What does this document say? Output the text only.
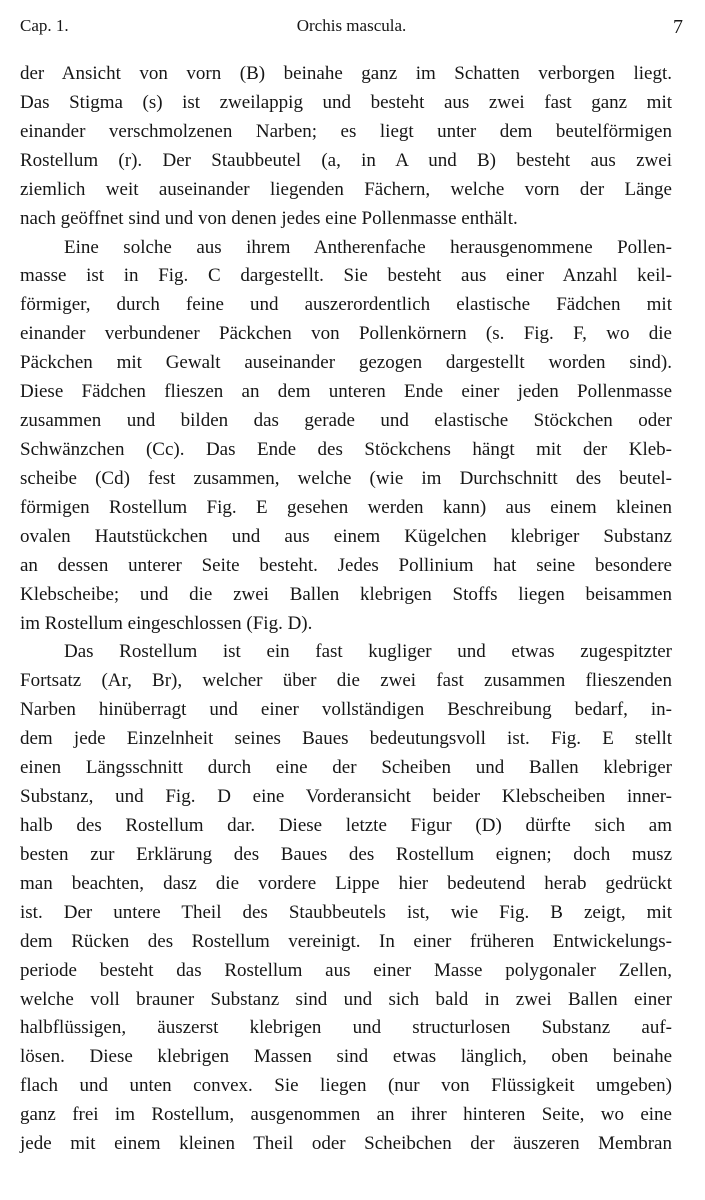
Cap. 1.	Orchis mascula.	7
der Ansicht von vorn (B) beinahe ganz im Schatten verborgen liegt.
Das Stigma (s) ist zweilappig und besteht aus zwei fast ganz mit
einander verschmolzenen Narben; es liegt unter dem beutelförmigen
Rostellum (r). Der Staubbeutel (a, in A und B) besteht aus zwei
ziemlich weit auseinander liegenden Fächern, welche vorn der Länge
nach geöffnet sind und von denen jedes eine Pollenmasse enthält.
Eine solche aus ihrem Antherenfache herausgenommene Pollen-
masse ist in Fig. C dargestellt. Sie besteht aus einer Anzahl keil-
förmiger, durch feine und auszerordentlich elastische Fädchen mit
einander verbundener Päckchen von Pollenkörnern (s. Fig. F, wo die
Päckchen mit Gewalt auseinander gezogen dargestellt worden sind).
Diese Fädchen flieszen an dem unteren Ende einer jeden Pollenmasse
zusammen und bilden das gerade und elastische Stöckchen oder
Schwänzchen (Cc). Das Ende des Stöckchens hängt mit der Kleb-
scheibe (Cd) fest zusammen, welche (wie im Durchschnitt des beutel-
förmigen Rostellum Fig. E gesehen werden kann) aus einem kleinen
ovalen Hautstückchen und aus einem Kügelchen klebriger Substanz
an dessen unterer Seite besteht. Jedes Pollinium hat seine besondere
Klebscheibe; und die zwei Ballen klebrigen Stoffs liegen beisammen
im Rostellum eingeschlossen (Fig. D).
Das Rostellum ist ein fast kugliger und etwas zugespitzter
Fortsatz (Ar, Br), welcher über die zwei fast zusammen flieszenden
Narben hinüberragt und einer vollständigen Beschreibung bedarf, in-
dem jede Einzelnheit seines Baues bedeutungsvoll ist. Fig. E stellt
einen Längsschnitt durch eine der Scheiben und Ballen klebriger
Substanz, und Fig. D eine Vorderansicht beider Klebscheiben inner-
halb des Rostellum dar. Diese letzte Figur (D) dürfte sich am
besten zur Erklärung des Baues des Rostellum eignen; doch musz
man beachten, dasz die vordere Lippe hier bedeutend herab gedrückt
ist. Der untere Theil des Staubbeutels ist, wie Fig. B zeigt, mit
dem Rücken des Rostellum vereinigt. In einer früheren Entwickelungs-
periode besteht das Rostellum aus einer Masse polygonaler Zellen,
welche voll brauner Substanz sind und sich bald in zwei Ballen einer
halbflüssigen, äuszerst klebrigen und structurlosen Substanz auf-
lösen. Diese klebrigen Massen sind etwas länglich, oben beinahe
flach und unten convex. Sie liegen (nur von Flüssigkeit umgeben)
ganz frei im Rostellum, ausgenommen an ihrer hinteren Seite, wo eine
jede mit einem kleinen Theil oder Scheibchen der äuszeren Membran
